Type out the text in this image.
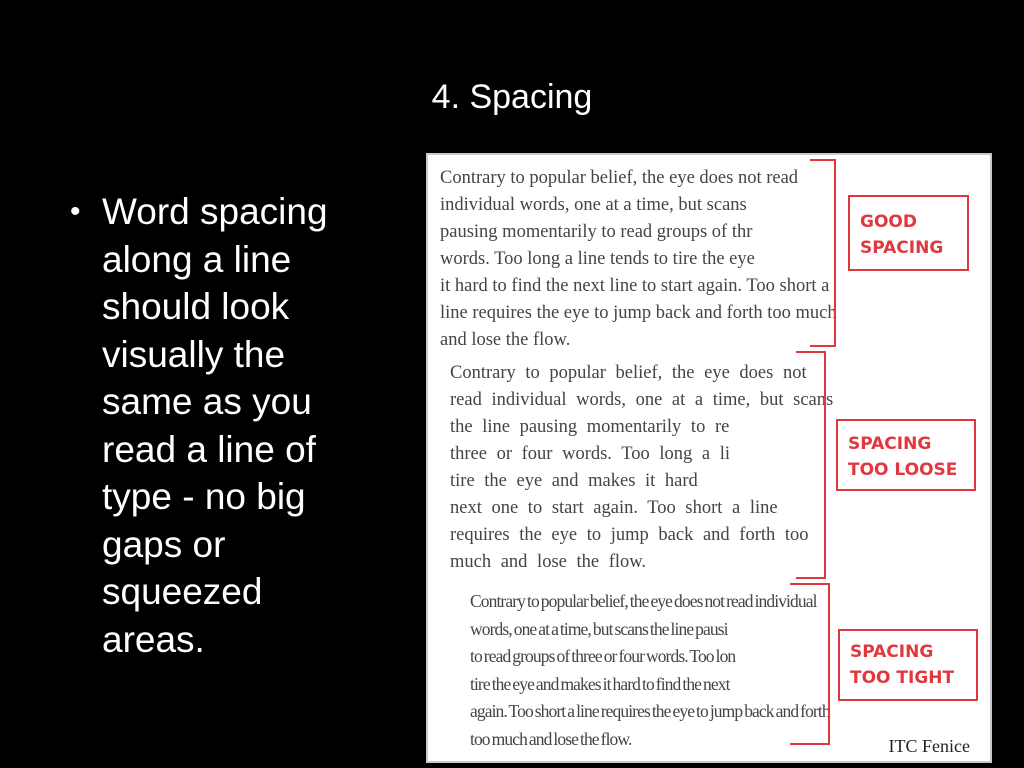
4. Spacing
• Word spacing
along a line
should look
visually the
same as you
read a line of
type - no big
gaps or
squeezed
areas.

Contrary to popular belief, the eye does not read
individual words, one at a time, but scans
pausing momentarily to read groups of thr
words. Too long a line tends to tire the eye
it hard to find the next line to start again. Too short a
line requires the eye to jump back and forth too much
and lose the flow.

Contrary to popular belief, the eye does not
read individual words, one at a time, but scans
the line pausing momentarily to re
three or four words. Too long a li
tire the eye and makes it hard
next one to start again. Too short a line
requires the eye to jump back and forth too
much and lose the flow.

Contrary to popular belief, the eye does not read individual
words, one at a time, but scans the line pausi
to read groups of three or four words. Too lon
tire the eye and makes it hard to find the next
again. Too short a line requires the eye to jump back and forth
too much and lose the flow.

GOOD
SPACING
SPACING
TOO LOOSE
SPACING
TOO TIGHT
ITC Fenice
